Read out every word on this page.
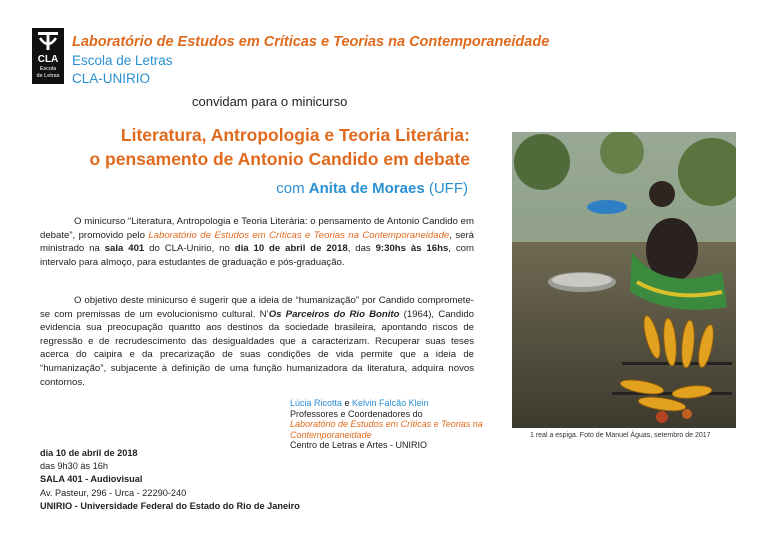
CLA
Escola
de Letras
Laboratório de Estudos em Críticas e Teorias na Contemporaneidade
Escola de Letras
CLA-UNIRIO
convidam para o minicurso
Literatura, Antropologia e Teoria Literária:
o pensamento de Antonio Candido em debate
com Anita de Moraes (UFF)
O minicurso “Literatura, Antropologia e Teoria Literária: o pensamento de Antonio Candido em debate”, promovido pelo Laboratório de Estudos em Críticas e Teorias na Contemporaneidade, será ministrado na sala 401 do CLA-Unirio, no dia 10 de abril de 2018, das 9:30hs às 16hs, com intervalo para almoço, para estudantes de graduação e pós-graduação.
O objetivo deste minicurso é sugerir que a ideia de “humanização” por Candido compromete-se com premissas de um evolucionismo cultural. N’Os Parceiros do Rio Bonito (1964), Candido evidencia sua preocupação quantto aos destinos da sociedade brasileira, apontando riscos de regressão e de recrudescimento das desigualdades que a caracterizam. Recuperar suas teses acerca do caipira e da precarização de suas condições de vida permite que a ideia de “humanização”, subjacente à definição de uma função humanizadora da literatura, adquira novos contornos.
Lúcia Ricotta e Kelvin Falcão Klein
Professores e Coordenadores do
Laboratório de Estudos em Críticas e Teorias na Contemporaneidade
Centro de Letras e Artes - UNIRIO
dia 10 de abril de 2018
das 9h30 às 16h
SALA 401 - Audiovisual
Av. Pasteur, 296 - Urca - 22290-240
UNIRIO - Universidade Federal do Estado do Rio de Janeiro
1 real a espiga. Foto de Manuel Águas, setembro de 2017
